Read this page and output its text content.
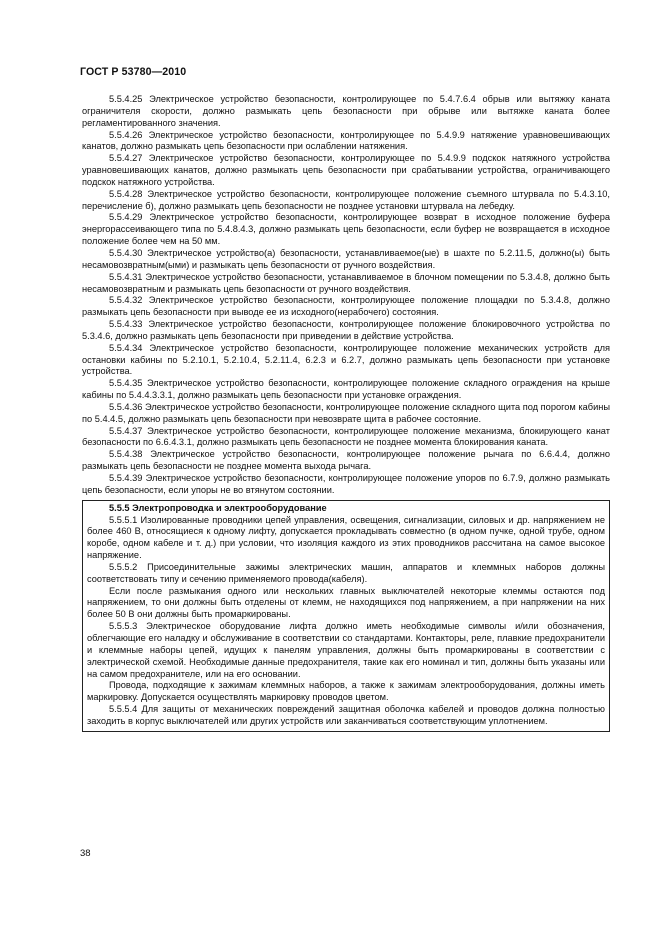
ГОСТ Р 53780—2010

5.5.4.25 Электрическое устройство безопасности, контролирующее по 5.4.7.6.4 обрыв или вытяжку каната ограничителя скорости, должно размыкать цепь безопасности при обрыве или вытяжке каната более регламентированного значения.

5.5.4.26 Электрическое устройство безопасности, контролирующее по 5.4.9.9 натяжение уравновешивающих канатов, должно размыкать цепь безопасности при ослаблении натяжения.

5.5.4.27 Электрическое устройство безопасности, контролирующее по 5.4.9.9 подскок натяжного устройства уравновешивающих канатов, должно размыкать цепь безопасности при срабатывании устройства, ограничивающего подскок натяжного устройства.

5.5.4.28 Электрическое устройство безопасности, контролирующее положение съемного штурвала по 5.4.3.10, перечисление б), должно размыкать цепь безопасности не позднее установки штурвала на лебедку.

5.5.4.29 Электрическое устройство безопасности, контролирующее возврат в исходное положение буфера энергорассеивающего типа по 5.4.8.4.3, должно размыкать цепь безопасности, если буфер не возвращается в исходное положение более чем на 50 мм.

5.5.4.30 Электрическое устройство(а) безопасности, устанавливаемое(ые) в шахте по 5.2.11.5, должно(ы) быть несамовозвратным(ыми) и размыкать цепь безопасности от ручного воздействия.

5.5.4.31 Электрическое устройство безопасности, устанавливаемое в блочном помещении по 5.3.4.8, должно быть несамовозвратным и размыкать цепь безопасности от ручного воздействия.

5.5.4.32 Электрическое устройство безопасности, контролирующее положение площадки по 5.3.4.8, должно размыкать цепь безопасности при выводе ее из исходного(нерабочего) состояния.

5.5.4.33 Электрическое устройство безопасности, контролирующее положение блокировочного устройства по 5.3.4.6, должно размыкать цепь безопасности при приведении в действие устройства.

5.5.4.34 Электрическое устройство безопасности, контролирующее положение механических устройств для остановки кабины по 5.2.10.1, 5.2.10.4, 5.2.11.4, 6.2.3 и 6.2.7, должно размыкать цепь безопасности при установке устройства.

5.5.4.35 Электрическое устройство безопасности, контролирующее положение складного ограждения на крыше кабины по 5.4.4.3.3.1, должно размыкать цепь безопасности при установке ограждения.

5.5.4.36 Электрическое устройство безопасности, контролирующее положение складного щита под порогом кабины по 5.4.4.5, должно размыкать цепь безопасности при невозврате щита в рабочее состояние.

5.5.4.37 Электрическое устройство безопасности, контролирующее положение механизма, блокирующего канат безопасности по 6.6.4.3.1, должно размыкать цепь безопасности не позднее момента блокирования каната.

5.5.4.38 Электрическое устройство безопасности, контролирующее положение рычага по 6.6.4.4, должно размыкать цепь безопасности не позднее момента выхода рычага.

5.5.4.39 Электрическое устройство безопасности, контролирующее положение упоров по 6.7.9, должно размыкать цепь безопасности, если упоры не во втянутом состоянии.

5.5.5 Электропроводка и электрооборудование

5.5.5.1 Изолированные проводники цепей управления, освещения, сигнализации, силовых и др. напряжением не более 460 В, относящиеся к одному лифту, допускается прокладывать совместно (в одном пучке, одной трубе, одном коробе, одном кабеле и т. д.) при условии, что изоляция каждого из этих проводников рассчитана на самое высокое напряжение.

5.5.5.2 Присоединительные зажимы электрических машин, аппаратов и клеммных наборов должны соответствовать типу и сечению применяемого провода(кабеля).

Если после размыкания одного или нескольких главных выключателей некоторые клеммы остаются под напряжением, то они должны быть отделены от клемм, не находящихся под напряжением, а при напряжении на них более 50 В они должны быть промаркированы.

5.5.5.3 Электрическое оборудование лифта должно иметь необходимые символы и/или обозначения, облегчающие его наладку и обслуживание в соответствии со стандартами. Контакторы, реле, плавкие предохранители и клеммные наборы цепей, идущих к панелям управления, должны быть промаркированы в соответствии с электрической схемой. Необходимые данные предохранителя, такие как его номинал и тип, должны быть указаны или на самом предохранителе, или на его основании.

Провода, подходящие к зажимам клеммных наборов, а также к зажимам электрооборудования, должны иметь маркировку. Допускается осуществлять маркировку проводов цветом.

5.5.5.4 Для защиты от механических повреждений защитная оболочка кабелей и проводов должна полностью заходить в корпус выключателей или других устройств или заканчиваться соответствующим уплотнением.

38
